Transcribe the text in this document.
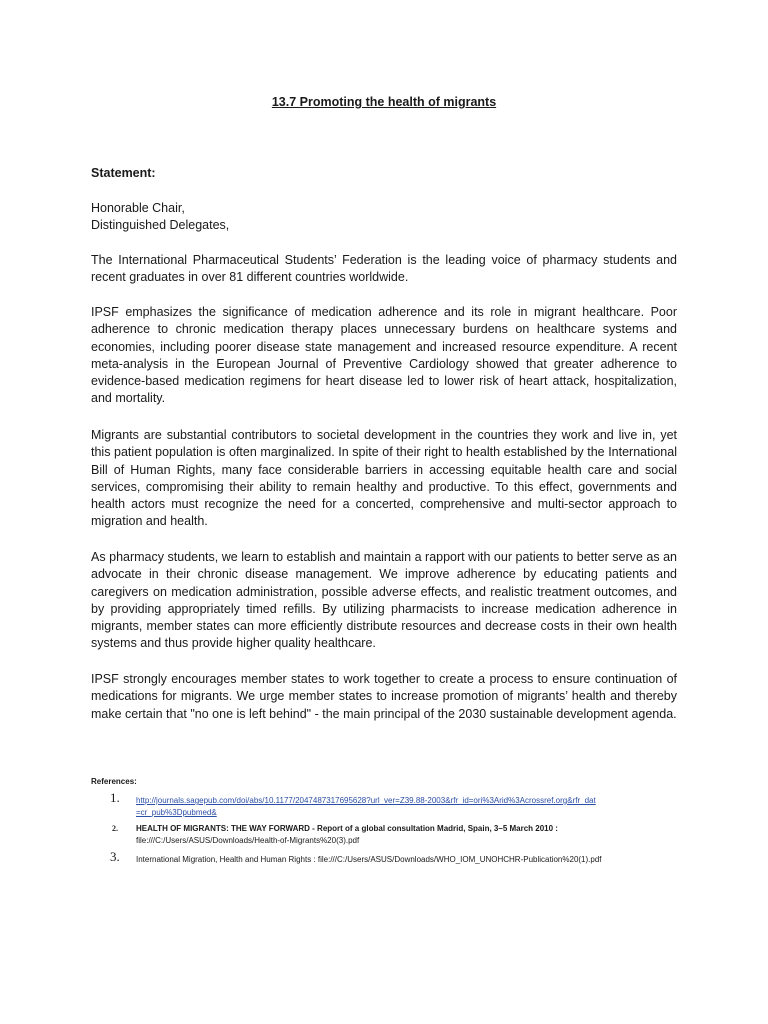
13.7 Promoting the health of migrants
Statement:
Honorable Chair,
Distinguished Delegates,

The International Pharmaceutical Students’ Federation is the leading voice of pharmacy students and recent graduates in over 81 different countries worldwide.

IPSF emphasizes the significance of medication adherence and its role in migrant healthcare. Poor adherence to chronic medication therapy places unnecessary burdens on healthcare systems and economies, including poorer disease state management and increased resource expenditure. A recent meta-analysis in the European Journal of Preventive Cardiology showed that greater adherence to evidence-based medication regimens for heart disease led to lower risk of heart attack, hospitalization, and mortality.

Migrants are substantial contributors to societal development in the countries they work and live in, yet this patient population is often marginalized. In spite of their right to health established by the International Bill of Human Rights, many face considerable barriers in accessing equitable health care and social services, compromising their ability to remain healthy and productive. To this effect, governments and health actors must recognize the need for a concerted, comprehensive and multi-sector approach to migration and health.

As pharmacy students, we learn to establish and maintain a rapport with our patients to better serve as an advocate in their chronic disease management. We improve adherence by educating patients and caregivers on medication administration, possible adverse effects, and realistic treatment outcomes, and by providing appropriately timed refills. By utilizing pharmacists to increase medication adherence in migrants, member states can more efficiently distribute resources and decrease costs in their own health systems and thus provide higher quality healthcare.

IPSF strongly encourages member states to work together to create a process to ensure continuation of medications for migrants. We urge member states to increase promotion of migrants’ health and thereby make certain that "no one is left behind" - the main principal of the 2030 sustainable development agenda.

References:
1. http://journals.sagepub.com/doi/abs/10.1177/2047487317695628?url_ver=Z39.88-2003&rfr_id=ori%3Arid%3Acrossref.org&rfr_dat=cr_pub%3Dpubmed&
2. HEALTH OF MIGRANTS: THE WAY FORWARD - Report of a global consultation Madrid, Spain, 3–5 March 2010 :
file:///C:/Users/ASUS/Downloads/Health-of-Migrants%20(3).pdf
3. International Migration, Health and Human Rights : file:///C:/Users/ASUS/Downloads/WHO_IOM_UNOHCHR-Publication%20(1).pdf
